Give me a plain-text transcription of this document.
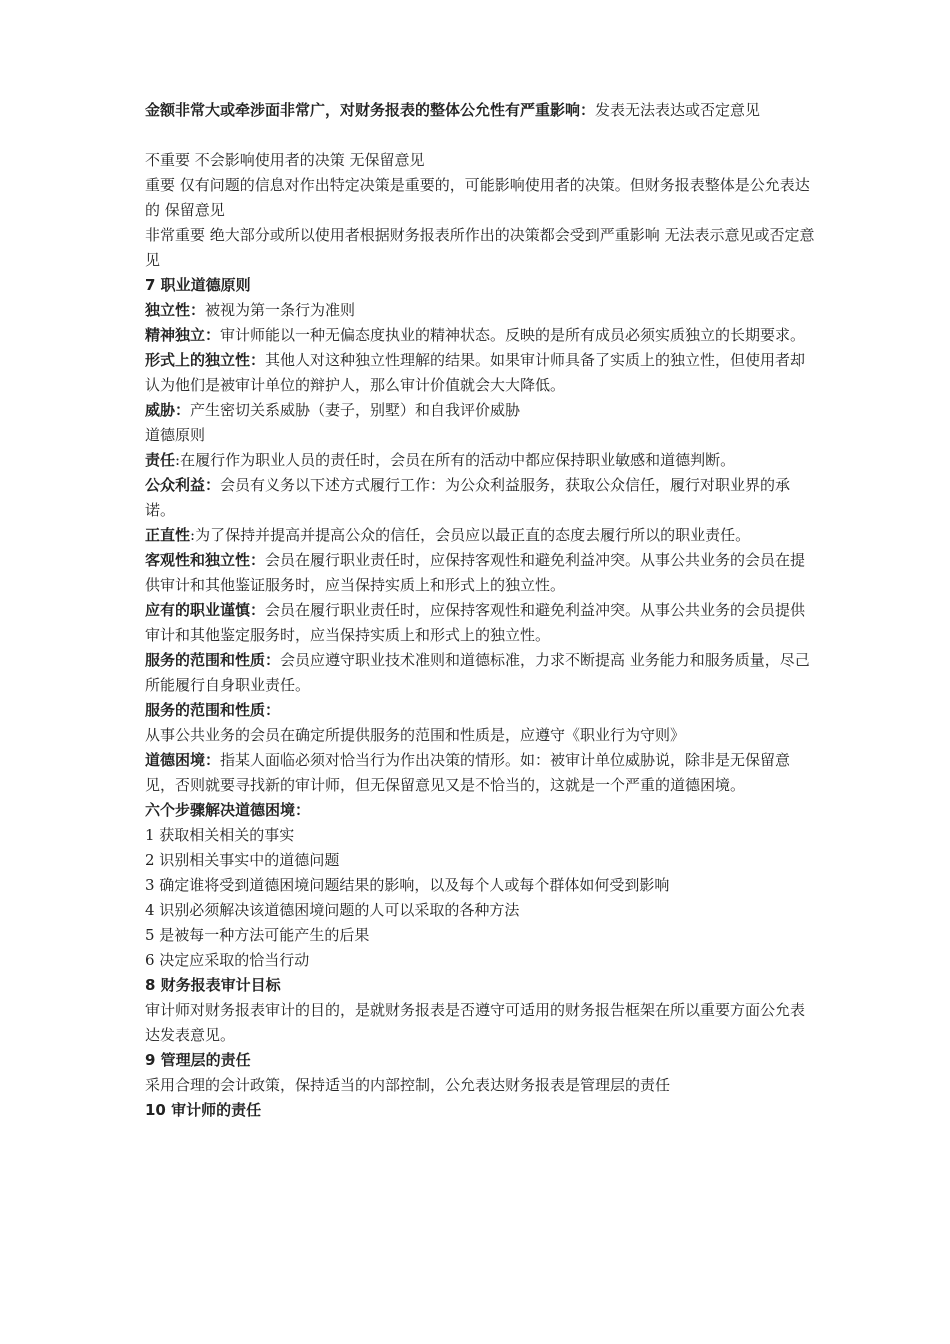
金额非常大或牵涉面非常广，对财务报表的整体公允性有严重影响：发表无法表达或否定意见

不重要 不会影响使用者的决策 无保留意见

重要 仅有问题的信息对作出特定决策是重要的，可能影响使用者的决策。但财务报表整体是公允表达的 保留意见

非常重要 绝大部分或所以使用者根据财务报表所作出的决策都会受到严重影响 无法表示意见或否定意见

7 职业道德原则

独立性：被视为第一条行为准则

精神独立：审计师能以一种无偏态度执业的精神状态。反映的是所有成员必须实质独立的长期要求。

形式上的独立性：其他人对这种独立性理解的结果。如果审计师具备了实质上的独立性，但使用者却认为他们是被审计单位的辩护人，那么审计价值就会大大降低。

威胁：产生密切关系威胁（妻子，别墅）和自我评价威胁

道德原则

责任:在履行作为职业人员的责任时，会员在所有的活动中都应保持职业敏感和道德判断。

公众利益：会员有义务以下述方式履行工作：为公众利益服务，获取公众信任，履行对职业界的承诺。

正直性:为了保持并提高并提高公众的信任，会员应以最正直的态度去履行所以的职业责任。

客观性和独立性：会员在履行职业责任时，应保持客观性和避免利益冲突。从事公共业务的会员在提供审计和其他鉴证服务时，应当保持实质上和形式上的独立性。

应有的职业谨慎：会员在履行职业责任时，应保持客观性和避免利益冲突。从事公共业务的会员提供审计和其他鉴定服务时，应当保持实质上和形式上的独立性。

服务的范围和性质：会员应遵守职业技术准则和道德标准，力求不断提高 业务能力和服务质量，尽己所能履行自身职业责任。

服务的范围和性质：从事公共业务的会员在确定所提供服务的范围和性质是，应遵守《职业行为守则》

道德困境：指某人面临必须对恰当行为作出决策的情形。如：被审计单位威胁说，除非是无保留意见，否则就要寻找新的审计师，但无保留意见又是不恰当的，这就是一个严重的道德困境。

六个步骤解决道德困境：

1 获取相关相关的事实

2 识别相关事实中的道德问题

3 确定谁将受到道德困境问题结果的影响，以及每个人或每个群体如何受到影响

4 识别必须解决该道德困境问题的人可以采取的各种方法

5 是被每一种方法可能产生的后果

6 决定应采取的恰当行动

8 财务报表审计目标

审计师对财务报表审计的目的，是就财务报表是否遵守可适用的财务报告框架在所以重要方面公允表达发表意见。

9 管理层的责任

采用合理的会计政策，保持适当的内部控制，公允表达财务报表是管理层的责任

10 审计师的责任
